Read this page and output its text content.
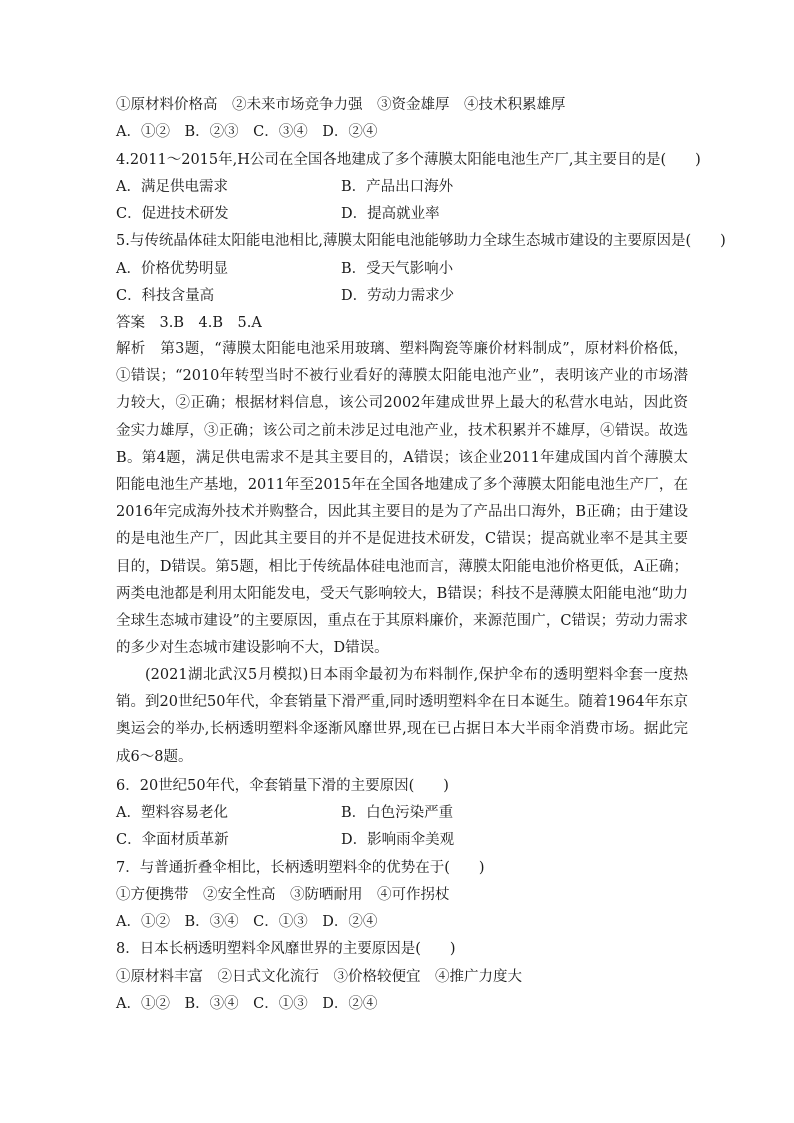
①原材料价格高　②未来市场竞争力强　③资金雄厚　④技术积累雄厚
A．①②　B．②③　C．③④　D．②④
4.2011～2015年,H公司在全国各地建成了多个薄膜太阳能电池生产厂,其主要目的是(　　)
A．满足供电需求	B．产品出口海外
C．促进技术研发	D．提高就业率
5.与传统晶体硅太阳能电池相比,薄膜太阳能电池能够助力全球生态城市建设的主要原因是(　　)
A．价格优势明显	B．受天气影响小
C．科技含量高	D．劳动力需求少
答案　3.B　4.B　5.A
解析　第3题，“薄膜太阳能电池采用玻璃、塑料陶瓷等廉价材料制成”，原材料价格低，①错误；“2010年转型当时不被行业看好的薄膜太阳能电池产业”，表明该产业的市场潜力较大，②正确；根据材料信息，该公司2002年建成世界上最大的私营水电站，因此资金实力雄厚，③正确；该公司之前未涉足过电池产业，技术积累并不雄厚，④错误。故选B。第4题，满足供电需求不是其主要目的，A错误；该企业2011年建成国内首个薄膜太阳能电池生产基地，2011年至2015年在全国各地建成了多个薄膜太阳能电池生产厂，在2016年完成海外技术并购整合，因此其主要目的是为了产品出口海外，B正确；由于建设的是电池生产厂，因此其主要目的并不是促进技术研发，C错误；提高就业率不是其主要目的，D错误。第5题，相比于传统晶体硅电池而言，薄膜太阳能电池价格更低，A正确；两类电池都是利用太阳能发电，受天气影响较大，B错误；科技不是薄膜太阳能电池“助力全球生态城市建设”的主要原因，重点在于其原料廉价，来源范围广，C错误；劳动力需求的多少对生态城市建设影响不大，D错误。
(2021湖北武汉5月模拟)日本雨伞最初为布料制作,保护伞布的透明塑料伞套一度热销。到20世纪50年代，伞套销量下滑严重,同时透明塑料伞在日本诞生。随着1964年东京奥运会的举办,长柄透明塑料伞逐渐风靡世界,现在已占据日本大半雨伞消费市场。据此完成6～8题。
6．20世纪50年代，伞套销量下滑的主要原因(　　)
A．塑料容易老化	B．白色污染严重
C．伞面材质革新	D．影响雨伞美观
7．与普通折叠伞相比，长柄透明塑料伞的优势在于(　　)
①方便携带　②安全性高　③防晒耐用　④可作拐杖
A．①②　B．③④　C．①③　D．②④
8．日本长柄透明塑料伞风靡世界的主要原因是(　　)
①原材料丰富　②日式文化流行　③价格较便宜　④推广力度大
A．①②　B．③④　C．①③　D．②④
